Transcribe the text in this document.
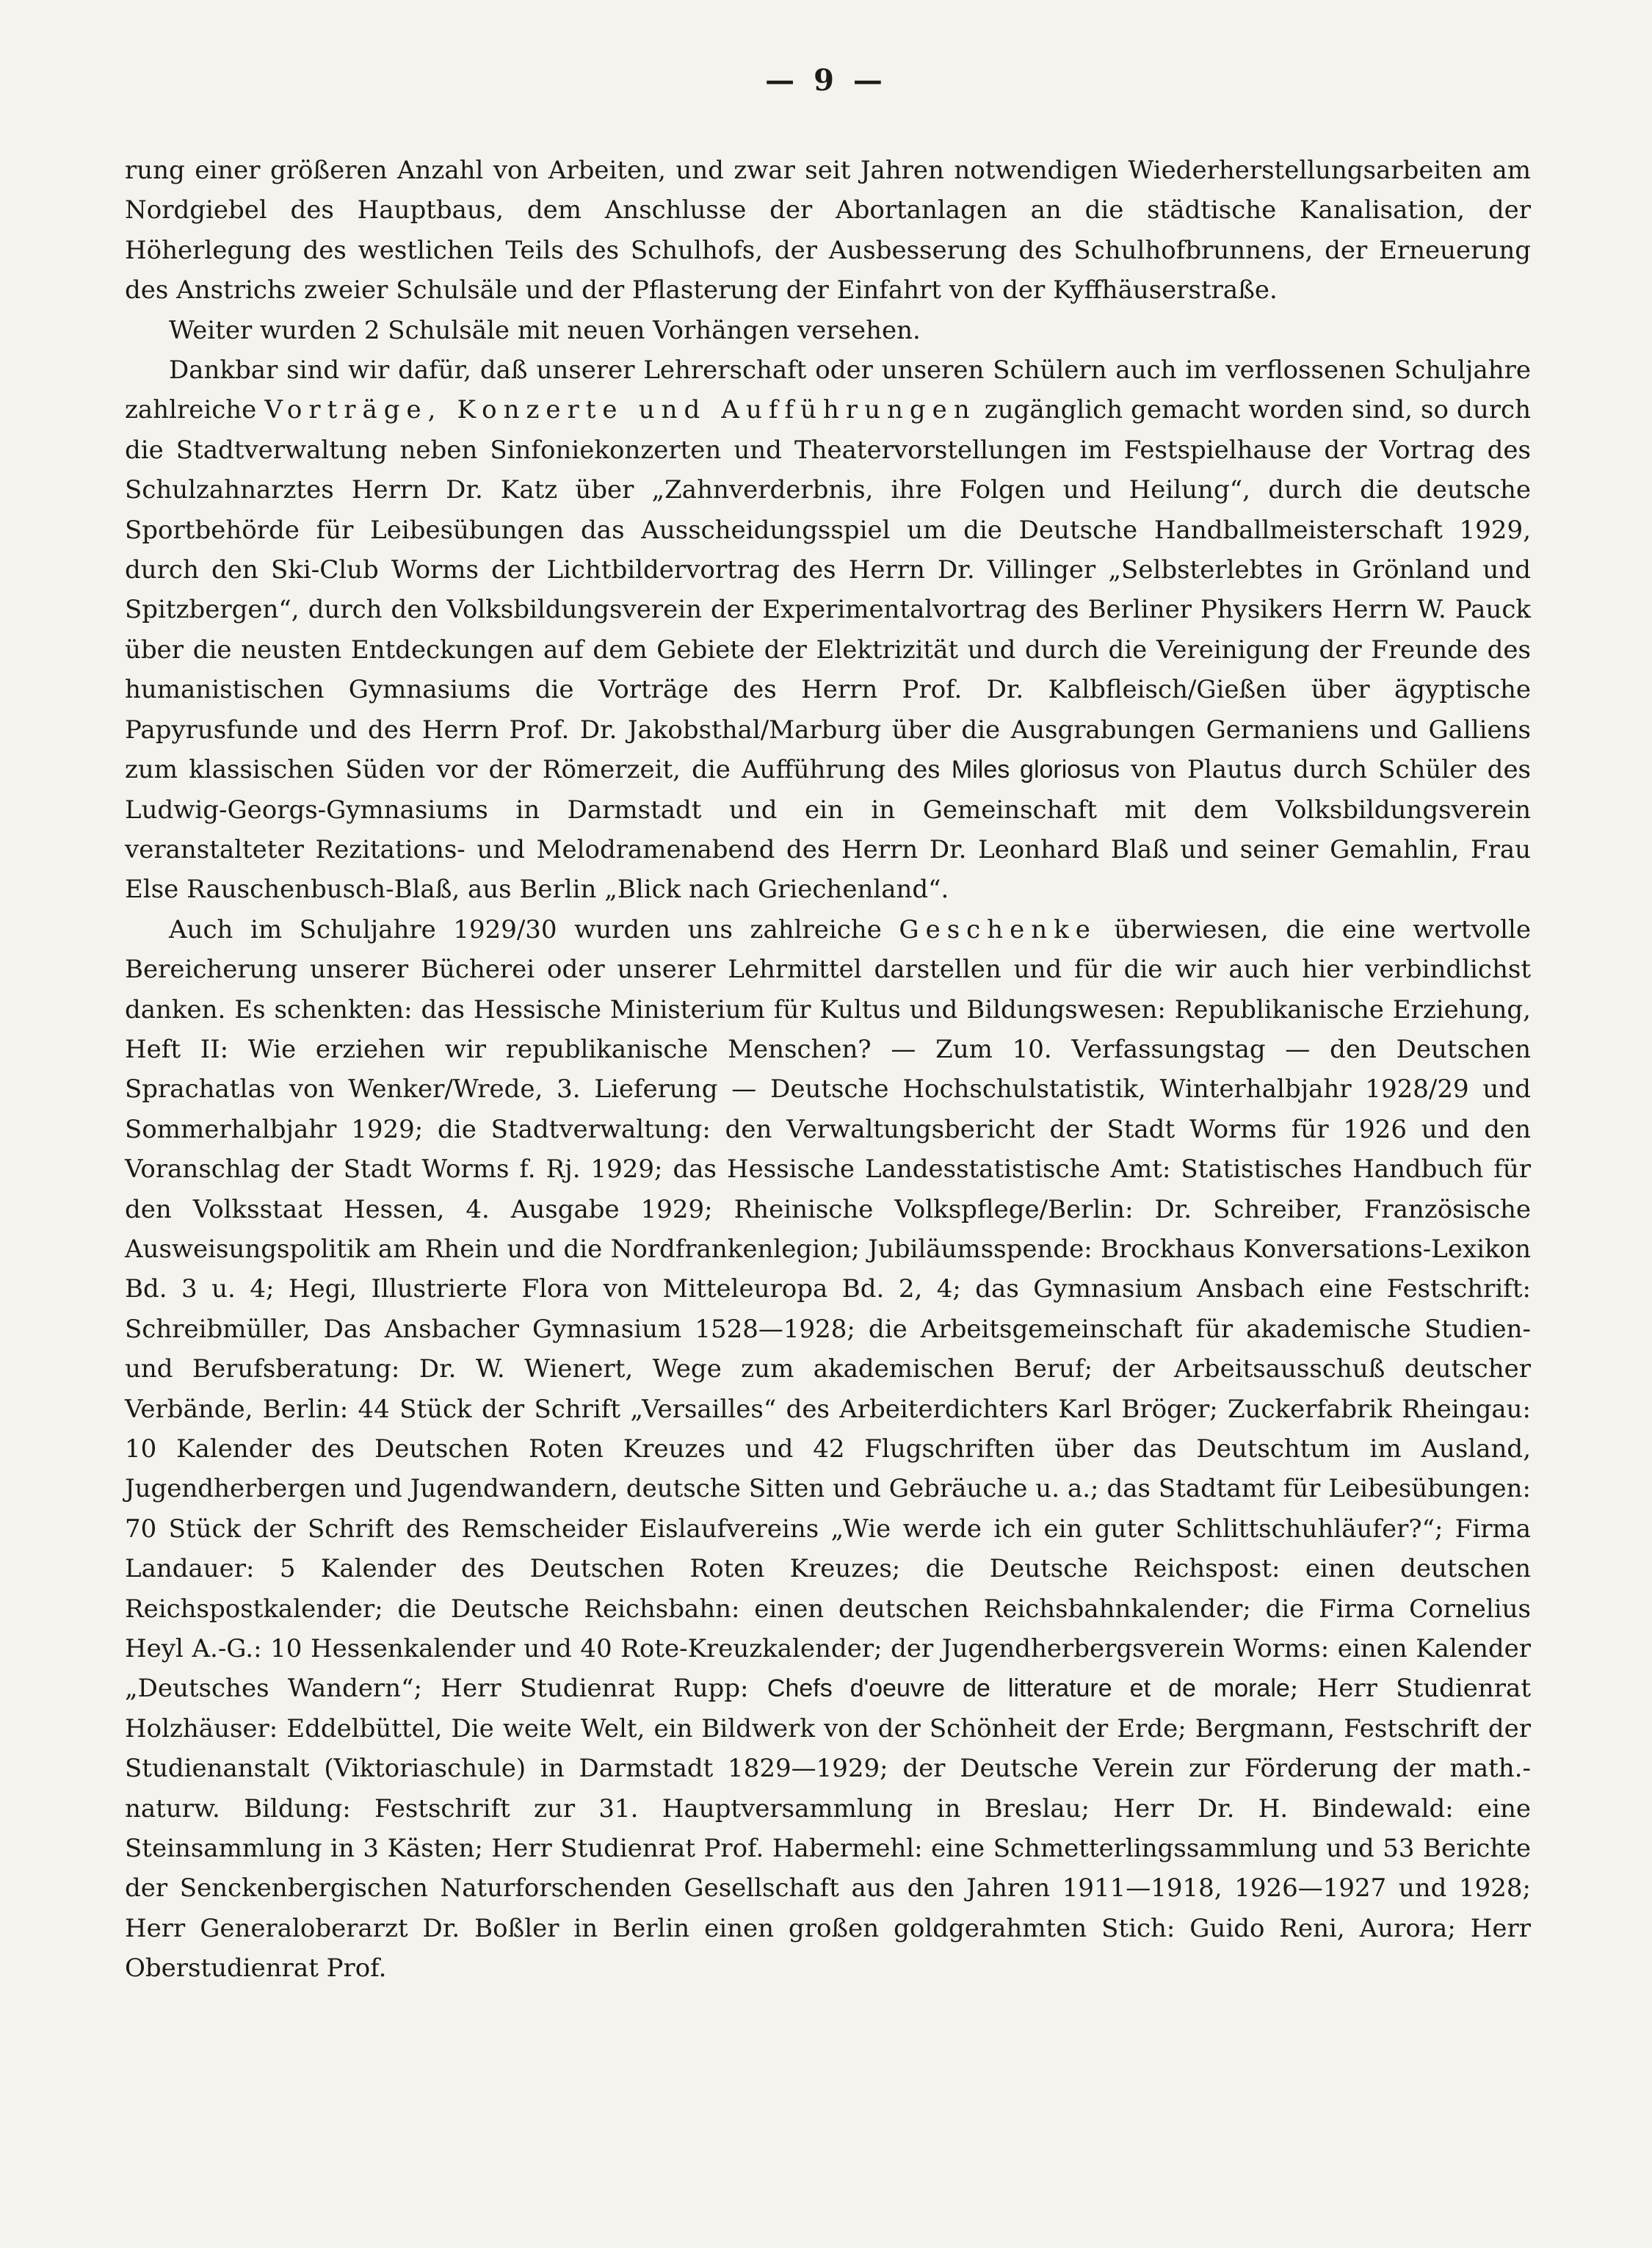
— 9 —

rung einer größeren Anzahl von Arbeiten, und zwar seit Jahren notwendigen Wiederherstellungsarbeiten am Nordgiebel des Hauptbaus, dem Anschlusse der Abortanlagen an die städtische Kanalisation, der Höherlegung des westlichen Teils des Schulhofs, der Ausbesserung des Schulhofbrunnens, der Erneuerung des Anstrichs zweier Schulsäle und der Pflasterung der Einfahrt von der Kyffhäuserstraße.

Weiter wurden 2 Schulsäle mit neuen Vorhängen versehen.

Dankbar sind wir dafür, daß unserer Lehrerschaft oder unseren Schülern auch im verflossenen Schuljahre zahlreiche Vorträge, Konzerte und Aufführungen zugänglich gemacht worden sind, so durch die Stadtverwaltung neben Sinfoniekonzerten und Theatervorstellungen im Festspielhause der Vortrag des Schulzahnarztes Herrn Dr. Katz über „Zahnverderbnis, ihre Folgen und Heilung“, durch die deutsche Sportbehörde für Leibesübungen das Ausscheidungsspiel um die Deutsche Handballmeisterschaft 1929, durch den Ski-Club Worms der Lichtbildervortrag des Herrn Dr. Villinger „Selbsterlebtes in Grönland und Spitzbergen“, durch den Volksbildungsverein der Experimentalvortrag des Berliner Physikers Herrn W. Pauck über die neusten Entdeckungen auf dem Gebiete der Elektrizität und durch die Vereinigung der Freunde des humanistischen Gymnasiums die Vorträge des Herrn Prof. Dr. Kalbfleisch/Gießen über ägyptische Papyrusfunde und des Herrn Prof. Dr. Jakobsthal/Marburg über die Ausgrabungen Germaniens und Galliens zum klassischen Süden vor der Römerzeit, die Aufführung des Miles gloriosus von Plautus durch Schüler des Ludwig-Georgs-Gymnasiums in Darmstadt und ein in Gemeinschaft mit dem Volksbildungsverein veranstalteter Rezitations- und Melodramenabend des Herrn Dr. Leonhard Blaß und seiner Gemahlin, Frau Else Rauschenbusch-Blaß, aus Berlin „Blick nach Griechenland“.

Auch im Schuljahre 1929/30 wurden uns zahlreiche Geschenke überwiesen, die eine wertvolle Bereicherung unserer Bücherei oder unserer Lehrmittel darstellen und für die wir auch hier verbindlichst danken. Es schenkten: das Hessische Ministerium für Kultus und Bildungswesen: Republikanische Erziehung, Heft II: Wie erziehen wir republikanische Menschen? — Zum 10. Verfassungstag — den Deutschen Sprachatlas von Wenker/Wrede, 3. Lieferung — Deutsche Hochschulstatistik, Winterhalbjahr 1928/29 und Sommerhalbjahr 1929; die Stadtverwaltung: den Verwaltungsbericht der Stadt Worms für 1926 und den Voranschlag der Stadt Worms f. Rj. 1929; das Hessische Landesstatistische Amt: Statistisches Handbuch für den Volksstaat Hessen, 4. Ausgabe 1929; Rheinische Volkspflege/Berlin: Dr. Schreiber, Französische Ausweisungspolitik am Rhein und die Nordfrankenlegion; Jubiläumsspende: Brockhaus Konversations-Lexikon Bd. 3 u. 4; Hegi, Illustrierte Flora von Mitteleuropa Bd. 2, 4; das Gymnasium Ansbach eine Festschrift: Schreibmüller, Das Ansbacher Gymnasium 1528—1928; die Arbeitsgemeinschaft für akademische Studien- und Berufsberatung: Dr. W. Wienert, Wege zum akademischen Beruf; der Arbeitsausschuß deutscher Verbände, Berlin: 44 Stück der Schrift „Versailles“ des Arbeiterdichters Karl Bröger; Zuckerfabrik Rheingau: 10 Kalender des Deutschen Roten Kreuzes und 42 Flugschriften über das Deutschtum im Ausland, Jugendherbergen und Jugendwandern, deutsche Sitten und Gebräuche u. a.; das Stadtamt für Leibesübungen: 70 Stück der Schrift des Remscheider Eislaufvereins „Wie werde ich ein guter Schlittschuhläufer?“; Firma Landauer: 5 Kalender des Deutschen Roten Kreuzes; die Deutsche Reichspost: einen deutschen Reichspostkalender; die Deutsche Reichsbahn: einen deutschen Reichsbahnkalender; die Firma Cornelius Heyl A.-G.: 10 Hessenkalender und 40 Rote-Kreuzkalender; der Jugendherbergsverein Worms: einen Kalender „Deutsches Wandern“; Herr Studienrat Rupp: Chefs d'oeuvre de litterature et de morale; Herr Studienrat Holzhäuser: Eddelbüttel, Die weite Welt, ein Bildwerk von der Schönheit der Erde; Bergmann, Festschrift der Studienanstalt (Viktoriaschule) in Darmstadt 1829—1929; der Deutsche Verein zur Förderung der math.-naturw. Bildung: Festschrift zur 31. Hauptversammlung in Breslau; Herr Dr. H. Bindewald: eine Steinsammlung in 3 Kästen; Herr Studienrat Prof. Habermehl: eine Schmetterlingssammlung und 53 Berichte der Senckenbergischen Naturforschenden Gesellschaft aus den Jahren 1911—1918, 1926—1927 und 1928; Herr Generaloberarzt Dr. Boßler in Berlin einen großen goldgerahmten Stich: Guido Reni, Aurora; Herr Oberstudienrat Prof.
